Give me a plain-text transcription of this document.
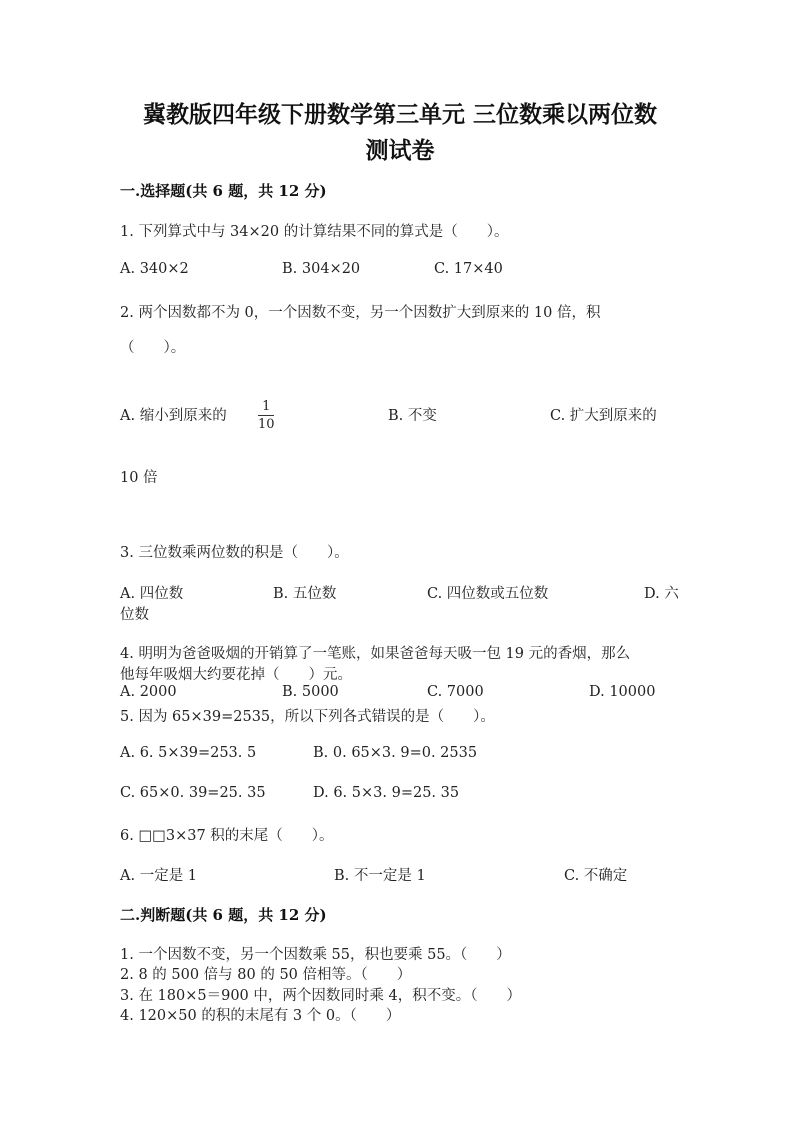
冀教版四年级下册数学第三单元 三位数乘以两位数
测试卷
一.选择题(共 6 题，共 12 分)
1. 下列算式中与 34×20 的计算结果不同的算式是（　　）。
A. 340×2	B. 304×20	C. 17×40
2. 两个因数都不为 0，一个因数不变，另一个因数扩大到原来的 10 倍，积
（　　）。
A. 缩小到原来的
1
10
B. 不变	C. 扩大到原来的
10 倍
3. 三位数乘两位数的积是（　　）。
A. 四位数	B. 五位数	C. 四位数或五位数	D. 六
位数
4. 明明为爸爸吸烟的开销算了一笔账，如果爸爸每天吸一包 19 元的香烟，那么
他每年吸烟大约要花掉（　　）元。
A. 2000	B. 5000	C. 7000	D. 10000
5. 因为 65×39=2535，所以下列各式错误的是（　　）。
A. 6. 5×39=253. 5	B. 0. 65×3. 9=0. 2535
C. 65×0. 39=25. 35	D. 6. 5×3. 9=25. 35
6. □□3×37 积的末尾（　　）。
A. 一定是 1	B. 不一定是 1	C. 不确定
二.判断题(共 6 题，共 12 分)
1. 一个因数不变，另一个因数乘 55，积也要乘 55。（　　）
2. 8 的 500 倍与 80 的 50 倍相等。（　　）
3. 在 180×5＝900 中，两个因数同时乘 4，积不变。（　　）
4. 120×50 的积的末尾有 3 个 0。（　　）
